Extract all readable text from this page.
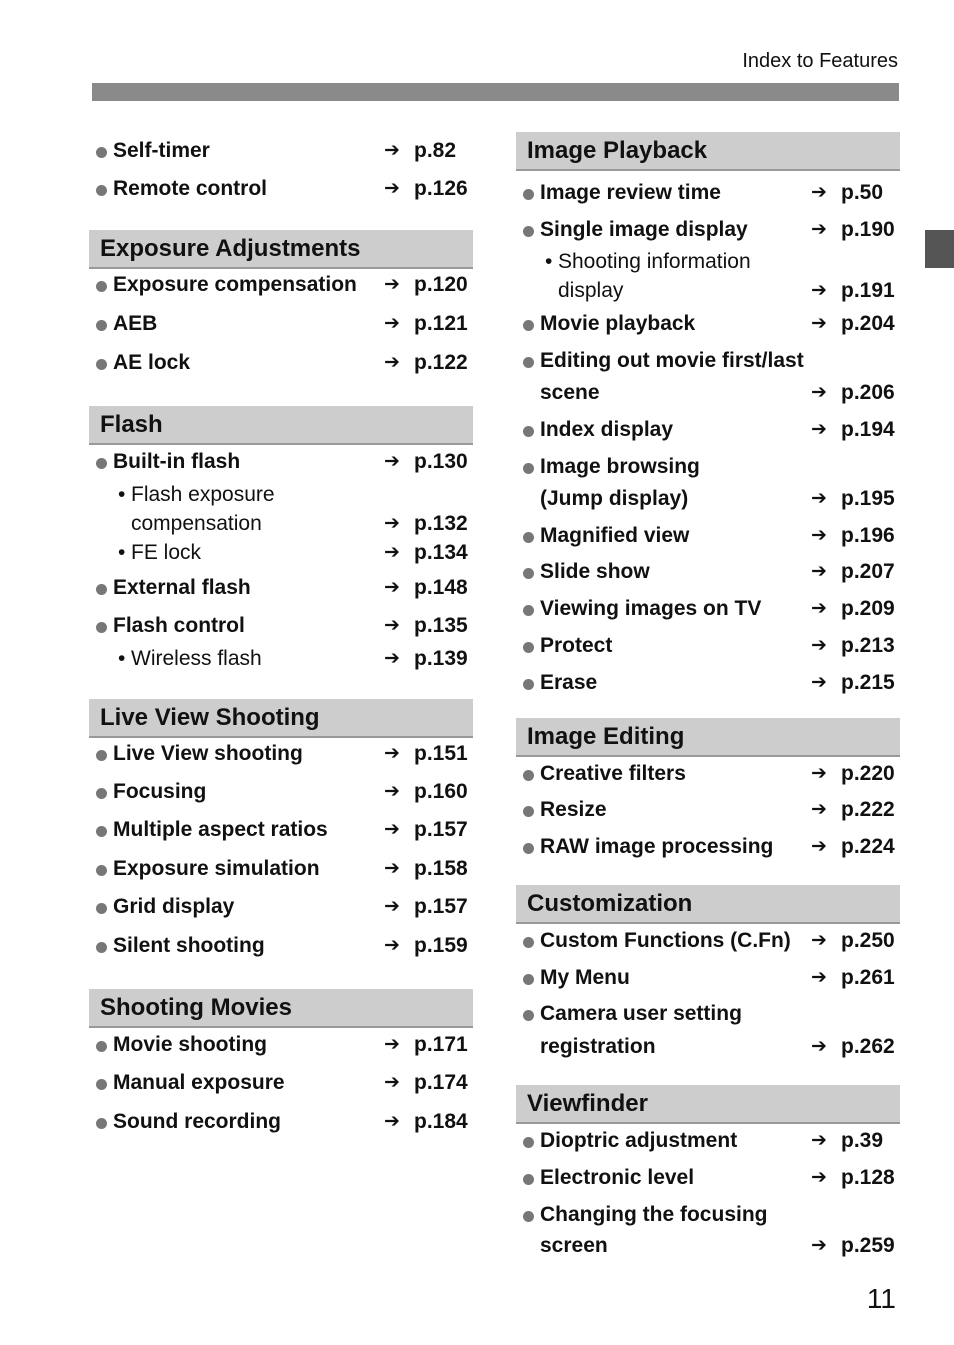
Index to Features
Self-timer	➔ p.82
Remote control	➔ p.126
Exposure Adjustments
Exposure compensation ➔ p.120
AEB	➔ p.121
AE lock	➔ p.122
Flash
Built-in flash	➔ p.130
• Flash exposure
compensation	➔ p.132
• FE lock	➔ p.134
External flash	➔ p.148
Flash control	➔ p.135
• Wireless flash	➔ p.139
Live View Shooting
Live View shooting	➔ p.151
Focusing	➔ p.160
Multiple aspect ratios	➔ p.157
Exposure simulation	➔ p.158
Grid display	➔ p.157
Silent shooting	➔ p.159
Shooting Movies
Movie shooting	➔ p.171
Manual exposure	➔ p.174
Sound recording	➔ p.184
Image Playback
Image review time	➔ p.50
Single image display	➔ p.190
• Shooting information
display	➔ p.191
Movie playback	➔ p.204
Editing out movie first/last
scene	➔ p.206
Index display	➔ p.194
Image browsing
(Jump display)	➔ p.195
Magnified view	➔ p.196
Slide show	➔ p.207
Viewing images on TV	➔ p.209
Protect	➔ p.213
Erase	➔ p.215
Image Editing
Creative filters	➔ p.220
Resize	➔ p.222
RAW image processing ➔ p.224
Customization
Custom Functions (C.Fn) ➔ p.250
My Menu	➔ p.261
Camera user setting
registration	➔ p.262
Viewfinder
Dioptric adjustment	➔ p.39
Electronic level	➔ p.128
Changing the focusing
screen	➔ p.259
11
